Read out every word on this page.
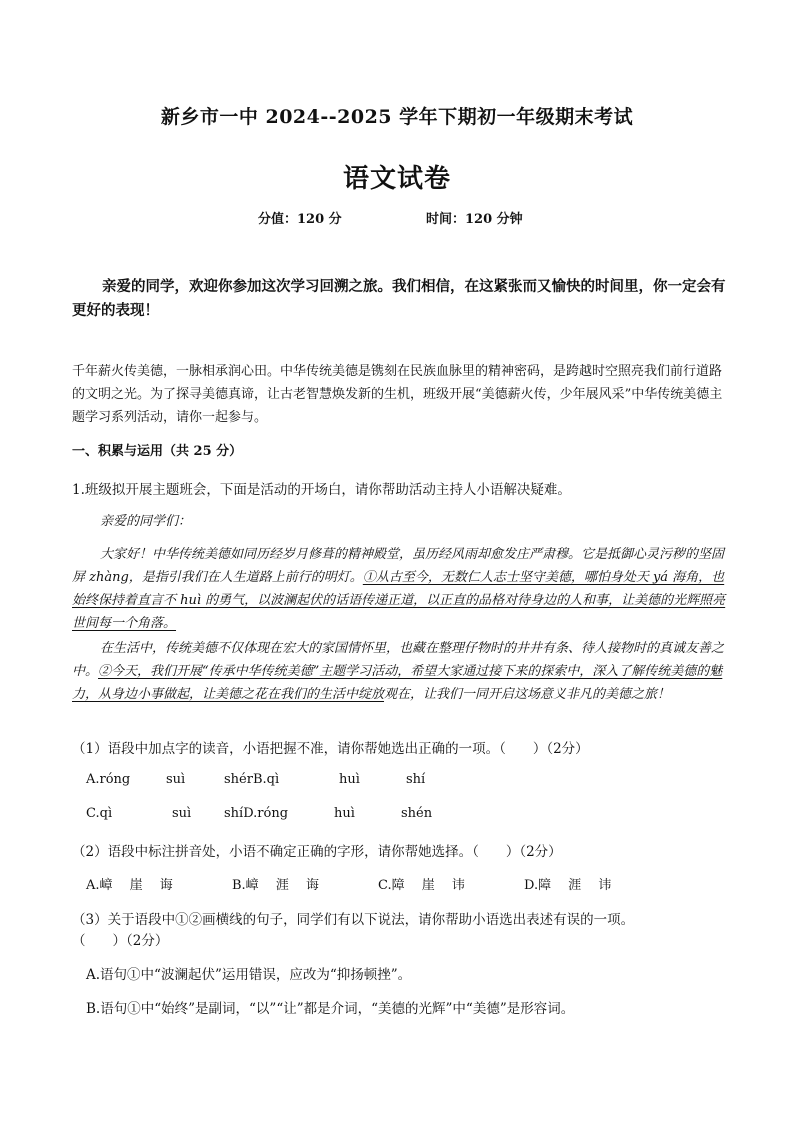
新乡市一中 2024--2025 学年下期初一年级期末考试
语文试卷
分值：120 分	时间：120 分钟
亲爱的同学，欢迎你参加这次学习回溯之旅。我们相信，在这紧张而又愉快的时间里，你一定会有更好的表现！
千年薪火传美德，一脉相承润心田。中华传统美德是镌刻在民族血脉里的精神密码，是跨越时空照亮我们前行道路的文明之光。为了探寻美德真谛，让古老智慧焕发新的生机，班级开展“美德薪火传，少年展风采”中华传统美德主题学习系列活动，请你一起参与。
一、积累与运用（共 25 分）
1.班级拟开展主题班会，下面是活动的开场白，请你帮助活动主持人小语解决疑难。
亲爱的同学们：
大家好！中华传统美德如同历经岁月修葺的精神殿堂，虽历经风雨却愈发庄严肃穆。它是抵御心灵污秽的坚固屏 zhàng，是指引我们在人生道路上前行的明灯。①从古至今，无数仁人志士坚守美德，哪怕身处天 yá 海角，也始终保持着直言不 huì 的勇气，以波澜起伏的话语传递正道，以正直的品格对待身边的人和事，让美德的光辉照亮世间每一个角落。
在生活中，传统美德不仅体现在宏大的家国情怀里，也藏在整理仔物时的井井有条、待人接物时的真诚友善之中。②今天，我们开展“传承中华传统美德”主题学习活动，希望大家通过接下来的探索中，深入了解传统美德的魅力，从身边小事做起，让美德之花在我们的生活中绽放观在，让我们一同开启这场意义非凡的美德之旅！
（1）语段中加点字的读音，小语把握不准，请你帮她选出正确的一项。（　　）（2分）
A.róng	suì	shérB.qì	huì	shí
C.qì	suì	shíD.róng	huì	shén
（2）语段中标注拼音处，小语不确定正确的字形，请你帮她选择。（　　）（2分）
A.嶂　 崖　 诲	B.嶂　 涯　 诲	C.障　 崖　 讳	D.障　 涯　 讳
（3）关于语段中①②画横线的句子，同学们有以下说法，请你帮助小语选出表述有误的一项。
（　　）（2分）
A.语句①中“波澜起伏”运用错误，应改为“抑扬顿挫”。
B.语句①中“始终”是副词，“以”“让”都是介词，“美德的光辉”中“美德”是形容词。
